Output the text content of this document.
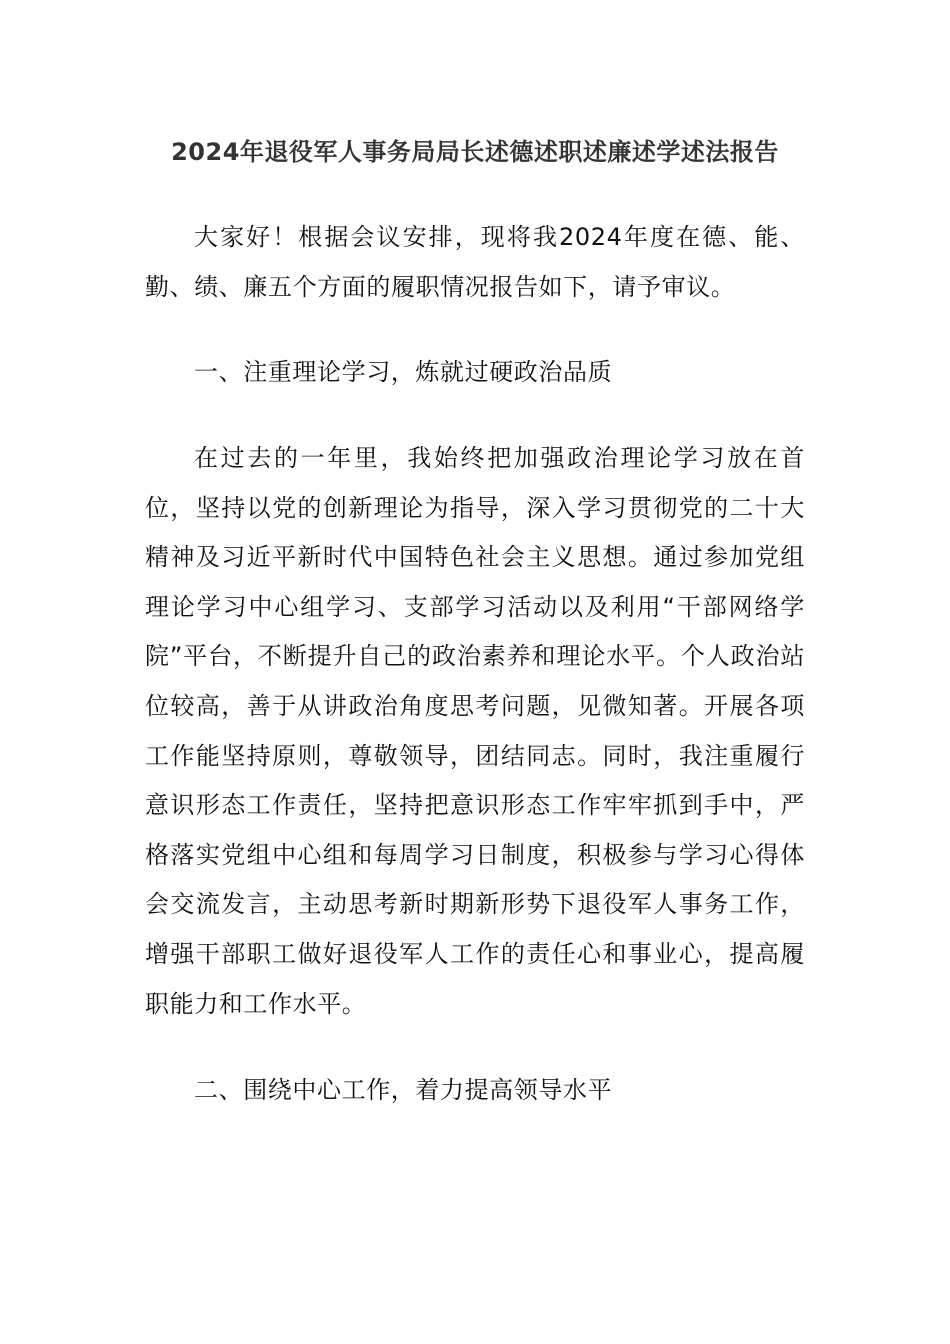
2024年退役军人事务局局长述德述职述廉述学述法报告

大家好！根据会议安排，现将我2024年度在德、能、勤、绩、廉五个方面的履职情况报告如下，请予审议。

一、注重理论学习，炼就过硬政治品质

在过去的一年里，我始终把加强政治理论学习放在首位，坚持以党的创新理论为指导，深入学习贯彻党的二十大精神及习近平新时代中国特色社会主义思想。通过参加党组理论学习中心组学习、支部学习活动以及利用“干部网络学院”平台，不断提升自己的政治素养和理论水平。个人政治站位较高，善于从讲政治角度思考问题，见微知著。开展各项工作能坚持原则，尊敬领导，团结同志。同时，我注重履行意识形态工作责任，坚持把意识形态工作牢牢抓到手中，严格落实党组中心组和每周学习日制度，积极参与学习心得体会交流发言，主动思考新时期新形势下退役军人事务工作，增强干部职工做好退役军人工作的责任心和事业心，提高履职能力和工作水平。

二、围绕中心工作，着力提高领导水平
